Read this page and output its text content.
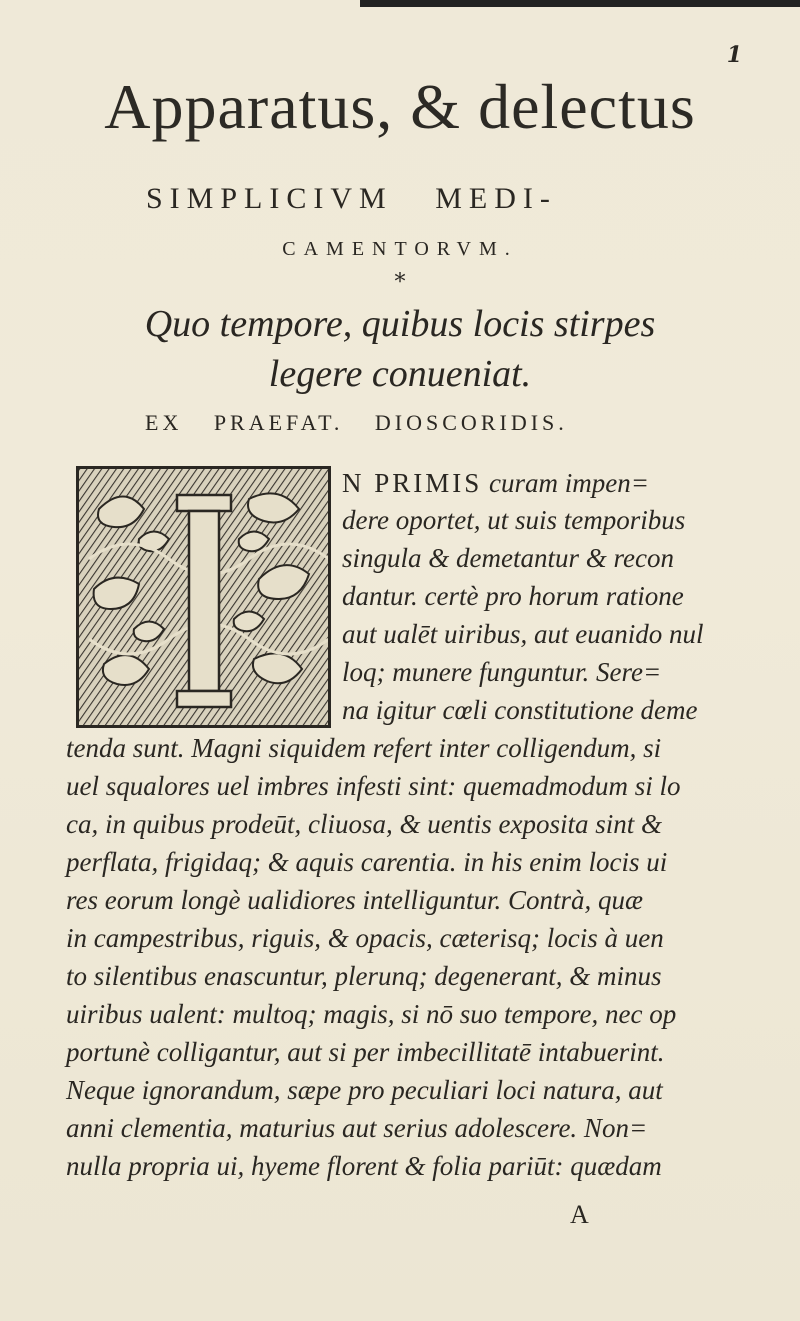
1
Apparatus, & delectus
SIMPLICIVM MEDI-
CAMENTORVM.
*
Quo tempore, quibus locis stirpes
legere conueniat.
EX PRAEFAT. DIOSCORIDIS.
N PRIMIS curam impen=
dere oportet, ut suis temporibus
singula & demetantur & recon
dantur. certè pro horum ratione
aut ualēt uiribus, aut euanido nul
loq; munere funguntur. Sere=
na igitur cœli constitutione deme
tenda sunt. Magni siquidem refert inter colligendum, si
uel squalores uel imbres infesti sint: quemadmodum si lo
ca, in quibus prodeūt, cliuosa, & uentis exposita sint &
perflata, frigidaq; & aquis carentia. in his enim locis ui
res eorum longè ualidiores intelliguntur. Contrà, quæ
in campestribus, riguis, & opacis, cæterisq; locis à uen
to silentibus enascuntur, plerunq; degenerant, & minus
uiribus ualent: multoq; magis, si nō suo tempore, nec op
portunè colligantur, aut si per imbecillitatē intabuerint.
Neque ignorandum, sæpe pro peculiari loci natura, aut
anni clementia, maturius aut serius adolescere. Non=
nulla propria ui, hyeme florent & folia pariūt: quædam
A
